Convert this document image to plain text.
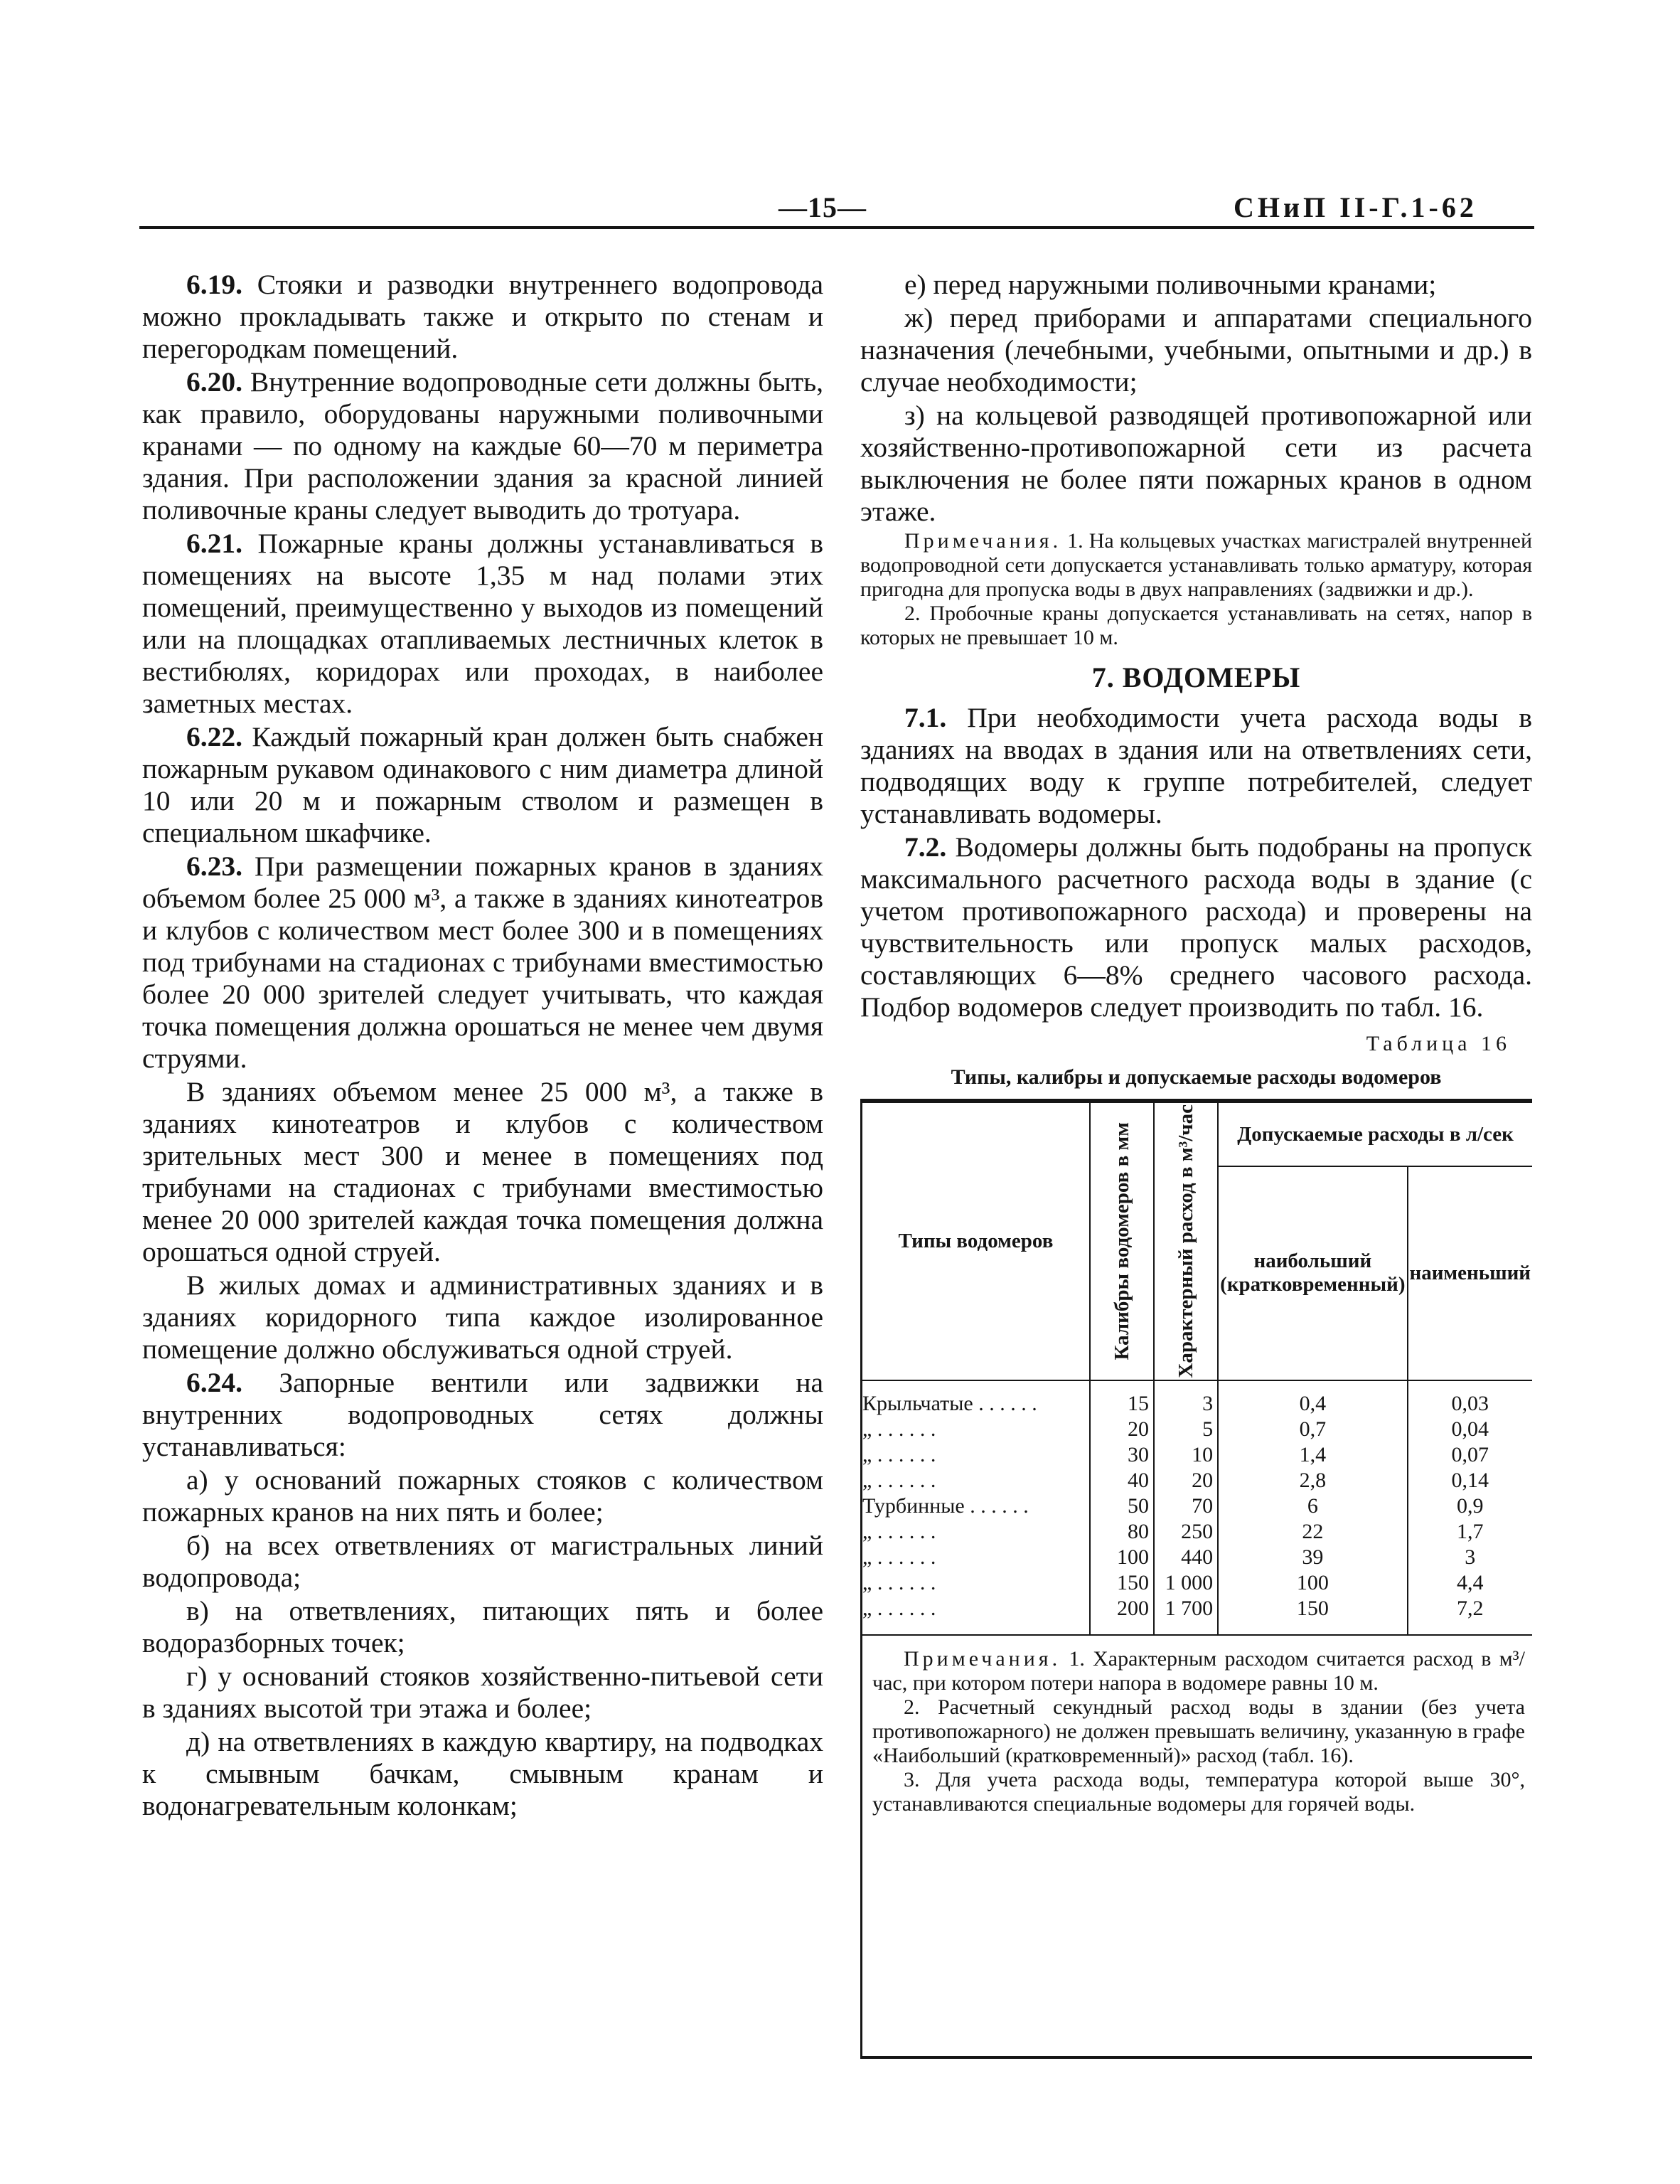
—15—	СНиП II-Г.1-62

6.19. Стояки и разводки внутреннего водопровода можно прокладывать также и открыто по стенам и перегородкам помещений.

6.20. Внутренние водопроводные сети должны быть, как правило, оборудованы наружными поливочными кранами — по одному на каждые 60—70 м периметра здания. При расположении здания за красной линией поливочные краны следует выводить до тротуара.

6.21. Пожарные краны должны устанавливаться в помещениях на высоте 1,35 м над полами этих помещений, преимущественно у выходов из помещений или на площадках отапливаемых лестничных клеток в вестибюлях, коридорах или проходах, в наиболее заметных местах.

6.22. Каждый пожарный кран должен быть снабжен пожарным рукавом одинакового с ним диаметра длиной 10 или 20 м и пожарным стволом и размещен в специальном шкафчике.

6.23. При размещении пожарных кранов в зданиях объемом более 25 000 м³, а также в зданиях кинотеатров и клубов с количеством мест более 300 и в помещениях под трибунами на стадионах с трибунами вместимостью более 20 000 зрителей следует учитывать, что каждая точка помещения должна орошаться не менее чем двумя струями.

В зданиях объемом менее 25 000 м³, а также в зданиях кинотеатров и клубов с количеством зрительных мест 300 и менее в помещениях под трибунами на стадионах с трибунами вместимостью менее 20 000 зрителей каждая точка помещения должна орошаться одной струей.

В жилых домах и административных зданиях и в зданиях коридорного типа каждое изолированное помещение должно обслуживаться одной струей.

6.24. Запорные вентили или задвижки на внутренних водопроводных сетях должны устанавливаться:

а) у оснований пожарных стояков с количеством пожарных кранов на них пять и более;

б) на всех ответвлениях от магистральных линий водопровода;

в) на ответвлениях, питающих пять и более водоразборных точек;

г) у оснований стояков хозяйственно-питьевой сети в зданиях высотой три этажа и более;

д) на ответвлениях в каждую квартиру, на подводках к смывным бачкам, смывным кранам и водонагревательным колонкам;

е) перед наружными поливочными кранами;

ж) перед приборами и аппаратами специального назначения (лечебными, учебными, опытными и др.) в случае необходимости;

з) на кольцевой разводящей противопожарной или хозяйственно-противопожарной сети из расчета выключения не более пяти пожарных кранов в одном этаже.

Примечания. 1. На кольцевых участках магистралей внутренней водопроводной сети допускается устанавливать только арматуру, которая пригодна для пропуска воды в двух направлениях (задвижки и др.).

2. Пробочные краны допускается устанавливать на сетях, напор в которых не превышает 10 м.

7. ВОДОМЕРЫ

7.1. При необходимости учета расхода воды в зданиях на вводах в здания или на ответвлениях сети, подводящих воду к группе потребителей, следует устанавливать водомеры.

7.2. Водомеры должны быть подобраны на пропуск максимального расчетного расхода воды в здание (с учетом противопожарного расхода) и проверены на чувствительность или пропуск малых расходов, составляющих 6—8% среднего часового расхода. Подбор водомеров следует производить по табл. 16.

Таблица 16
Типы, калибры и допускаемые расходы водомеров
Типы водомеров	Калибры водомеров в мм	Характерный расход в м³/час	Допускаемые расходы в л/сек	
			наибольший (кратковременный)	наименьший
Крыльчатые . . . . . .	15	3	0,4	0,03
„ . . . . . .	20	5	0,7	0,04
„ . . . . . .	30	10	1,4	0,07
„ . . . . . .	40	20	2,8	0,14
Турбинные . . . . . .	50	70	6	0,9
„ . . . . . .	80	250	22	1,7
„ . . . . . .	100	440	39	3
„ . . . . . .	150	1 000	100	4,4
„ . . . . . .	200	1 700	150	7,2

Примечания. 1. Характерным расходом считается расход в м³/час, при котором потери напора в водомере равны 10 м.

2. Расчетный секундный расход воды в здании (без учета противопожарного) не должен превышать величину, указанную в графе «Наибольший (кратковременный)» расход (табл. 16).

3. Для учета расхода воды, температура которой выше 30°, устанавливаются специальные водомеры для горячей воды.
